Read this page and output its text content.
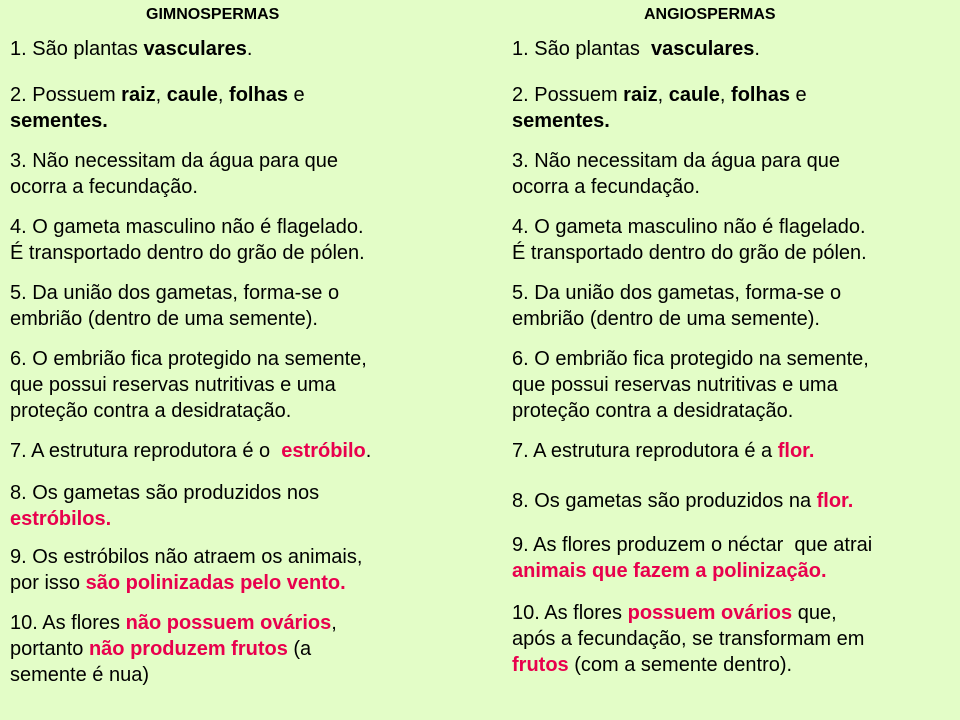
GIMNOSPERMAS
1. São plantas vasculares.
2. Possuem raiz, caule, folhas e
sementes.
3. Não necessitam da água para que
ocorra a fecundação.
4. O gameta masculino não é flagelado.
É transportado dentro do grão de pólen.
5. Da união dos gametas, forma-se o
embrião (dentro de uma semente).
6. O embrião fica protegido na semente,
que possui reservas nutritivas e uma
proteção contra a desidratação.
7. A estrutura reprodutora é o  estróbilo.
8. Os gametas são produzidos nos
estróbilos.
9. Os estróbilos não atraem os animais,
por isso são polinizadas pelo vento.
10. As flores não possuem ovários,
portanto não produzem frutos (a
semente é nua)
ANGIOSPERMAS
1. São plantas  vasculares.
2. Possuem raiz, caule, folhas e
sementes.
3. Não necessitam da água para que
ocorra a fecundação.
4. O gameta masculino não é flagelado.
É transportado dentro do grão de pólen.
5. Da união dos gametas, forma-se o
embrião (dentro de uma semente).
6. O embrião fica protegido na semente,
que possui reservas nutritivas e uma
proteção contra a desidratação.
7. A estrutura reprodutora é a flor.
8. Os gametas são produzidos na flor.
9. As flores produzem o néctar  que atrai
animais que fazem a polinização.
10. As flores possuem ovários que,
após a fecundação, se transformam em
frutos (com a semente dentro).
